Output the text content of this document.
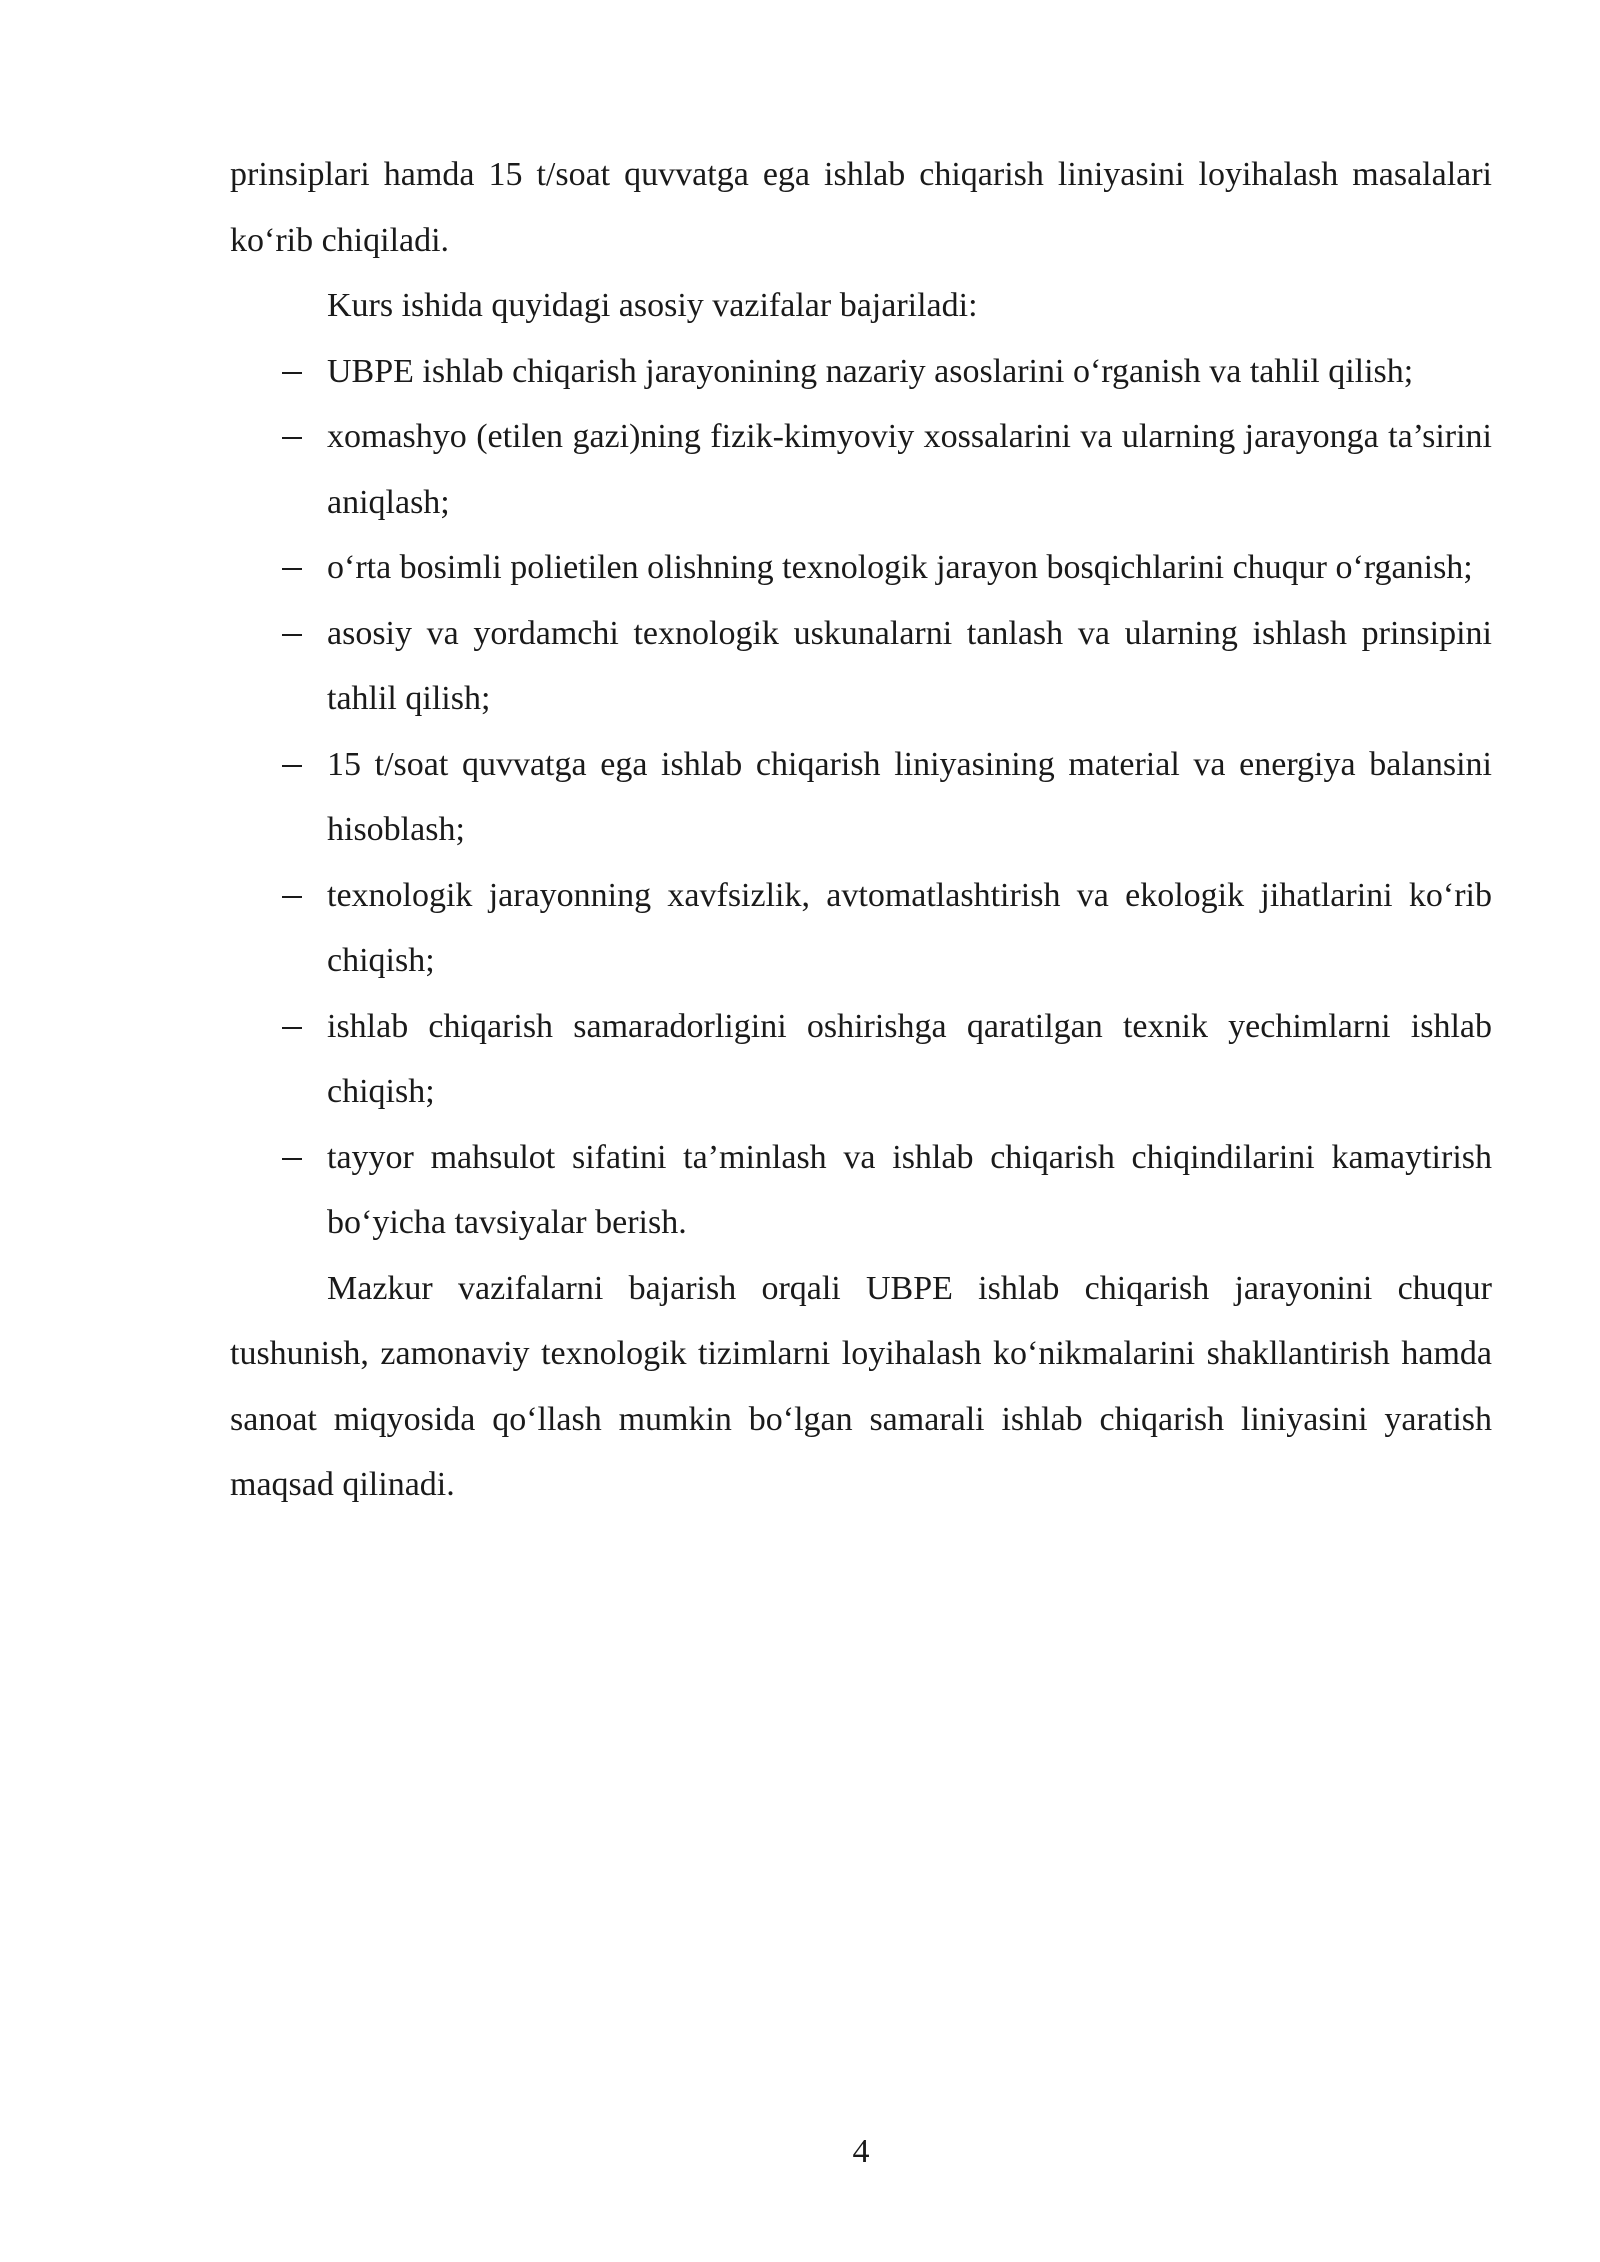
prinsiplari hamda 15 t/soat quvvatga ega ishlab chiqarish liniyasini loyihalash masalalari ko‘rib chiqiladi.

Kurs ishida quyidagi asosiy vazifalar bajariladi:

UBPE ishlab chiqarish jarayonining nazariy asoslarini o‘rganish va tahlil qilish;
xomashyo (etilen gazi)ning fizik-kimyoviy xossalarini va ularning jarayonga ta’sirini aniqlash;
o‘rta bosimli polietilen olishning texnologik jarayon bosqichlarini chuqur o‘rganish;
asosiy va yordamchi texnologik uskunalarni tanlash va ularning ishlash prinsipini tahlil qilish;
15 t/soat quvvatga ega ishlab chiqarish liniyasining material va energiya balansini hisoblash;
texnologik jarayonning xavfsizlik, avtomatlashtirish va ekologik jihatlarini ko‘rib chiqish;
ishlab chiqarish samaradorligini oshirishga qaratilgan texnik yechimlarni ishlab chiqish;
tayyor mahsulot sifatini ta’minlash va ishlab chiqarish chiqindilarini kamaytirish bo‘yicha tavsiyalar berish.

Mazkur vazifalarni bajarish orqali UBPE ishlab chiqarish jarayonini chuqur tushunish, zamonaviy texnologik tizimlarni loyihalash ko‘nikmalarini shakllantirish hamda sanoat miqyosida qo‘llash mumkin bo‘lgan samarali ishlab chiqarish liniyasini yaratish maqsad qilinadi.

4
